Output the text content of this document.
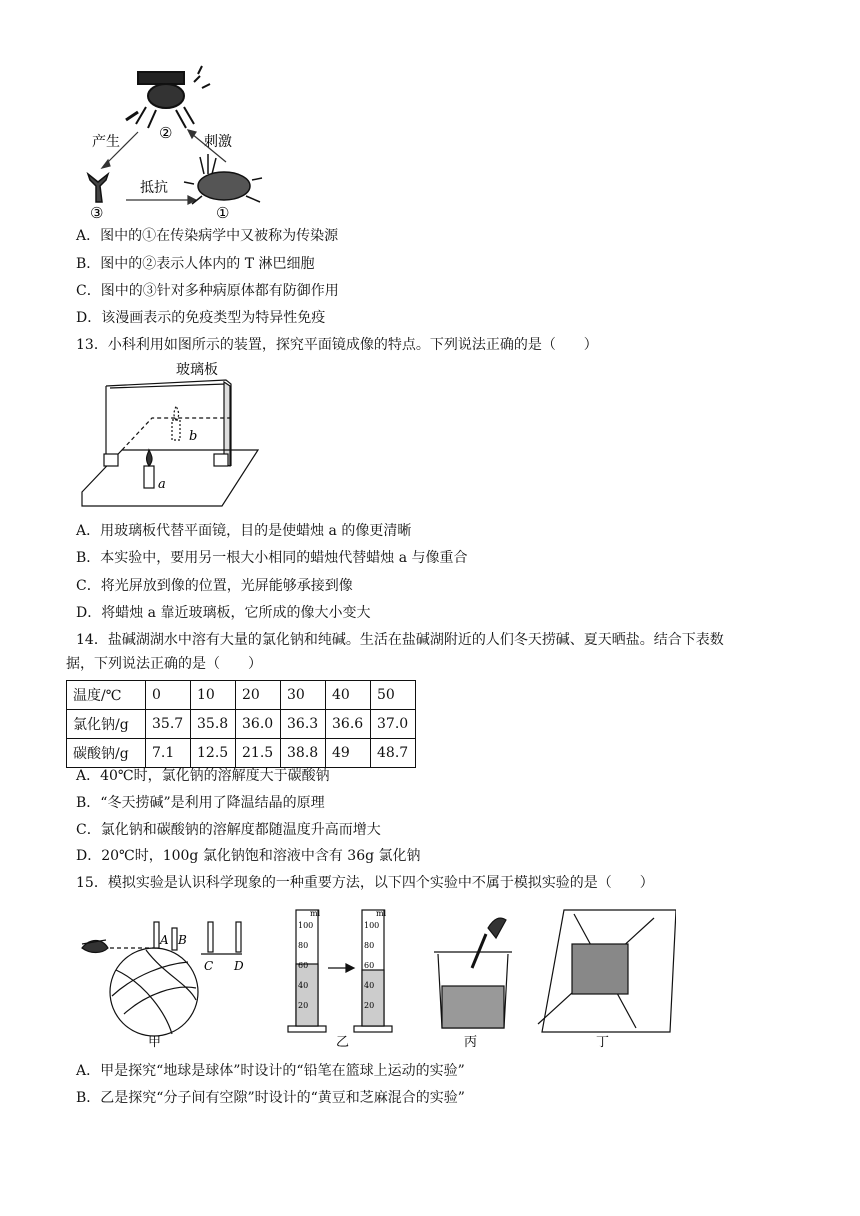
②
产生	刺激
抵抗
③	①
A．图中的①在传染病学中又被称为传染源
B．图中的②表示人体内的 T 淋巴细胞
C．图中的③针对多种病原体都有防御作用
D．该漫画表示的免疫类型为特异性免疫
13．小科利用如图所示的装置，探究平面镜成像的特点。下列说法正确的是（　　）
玻璃板
a
b
A．用玻璃板代替平面镜，目的是使蜡烛 a 的像更清晰
B．本实验中，要用另一根大小相同的蜡烛代替蜡烛 a 与像重合
C．将光屏放到像的位置，光屏能够承接到像
D．将蜡烛 a 靠近玻璃板，它所成的像大小变大
14．盐碱湖湖水中溶有大量的氯化钠和纯碱。生活在盐碱湖附近的人们冬天捞碱、夏天晒盐。结合下表数
据，下列说法正确的是（　　）
温度/℃	0	10	20	30	40	50
氯化钠/g	35.7	35.8	36.0	36.3	36.6	37.0
碳酸钠/g	7.1	12.5	21.5	38.8	49	48.7
A．40℃时，氯化钠的溶解度大于碳酸钠
B．“冬天捞碱”是利用了降温结晶的原理
C．氯化钠和碳酸钠的溶解度都随温度升高而增大
D．20℃时，100g 氯化钠饱和溶液中含有 36g 氯化钠
15．模拟实验是认识科学现象的一种重要方法，以下四个实验中不属于模拟实验的是（　　）
A B
C D
甲
ml
100
80
60
40
20
ml
100
80
60
40
20
乙	丙	丁
A．甲是探究“地球是球体”时设计的“铅笔在篮球上运动的实验”
B．乙是探究“分子间有空隙”时设计的“黄豆和芝麻混合的实验”
